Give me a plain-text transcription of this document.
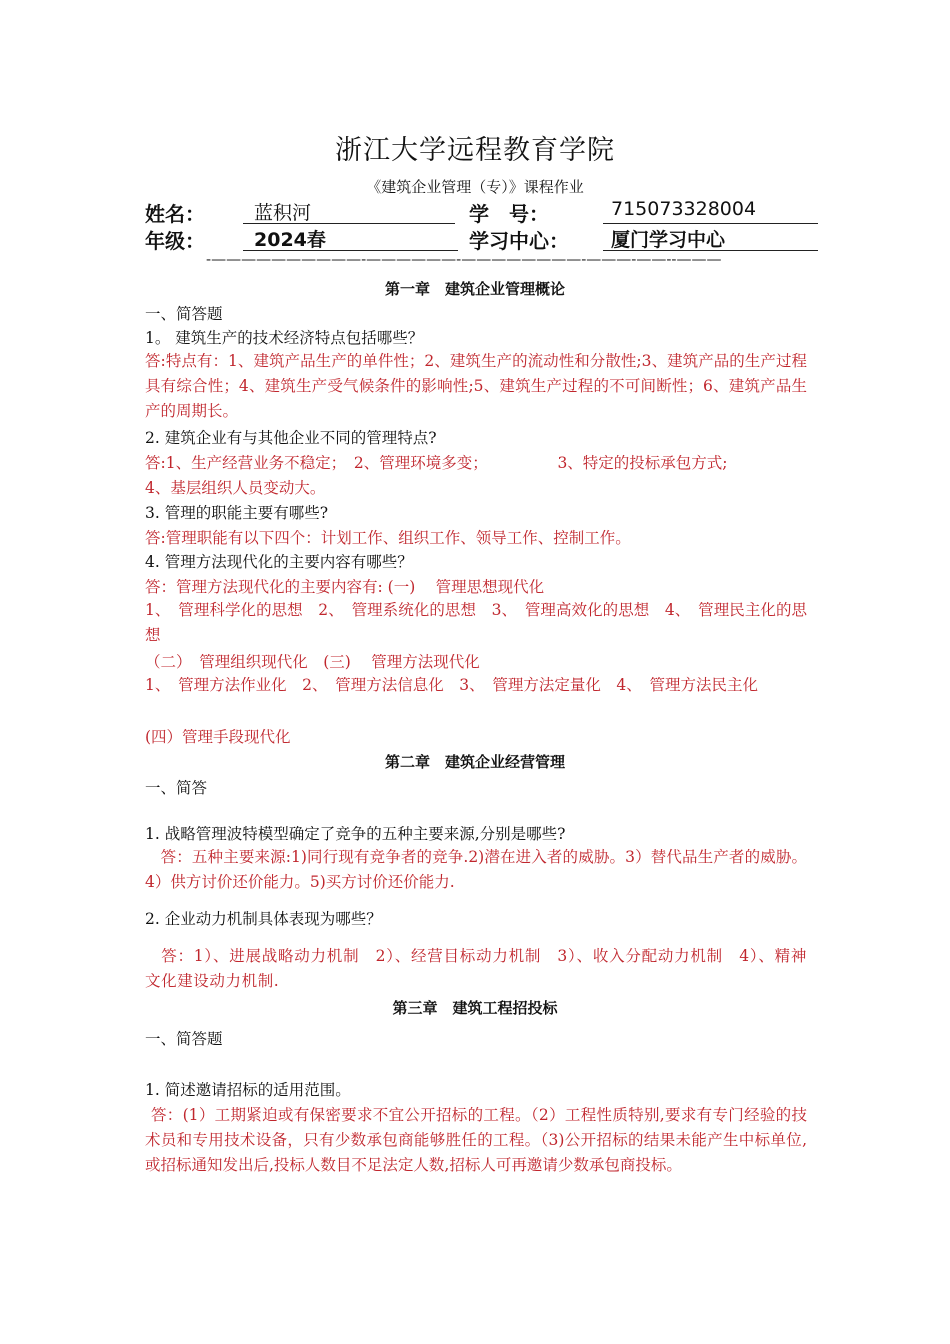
浙江大学远程教育学院
《建筑企业管理（专）》课程作业
姓名：	蓝积河	学　号：	715073328004
年级：	2024春	学习中心： 厦门学习中心
-——————————-——————-————————-———-——--———
第一章　建筑企业管理概论
一、简答题
1。 建筑生产的技术经济特点包括哪些？
答:特点有：1、建筑产品生产的单件性；2、建筑生产的流动性和分散性;3、建筑产品的生产过程具有综合性；4、建筑生产受气候条件的影响性;5、建筑生产过程的不可间断性；6、建筑产品生产的周期长。
2. 建筑企业有与其他企业不同的管理特点?
答:1、生产经营业务不稳定；　2、管理环境多变；　　　　　3、特定的投标承包方式;
4、基层组织人员变动大。
3. 管理的职能主要有哪些?
答:管理职能有以下四个：计划工作、组织工作、领导工作、控制工作。
4. 管理方法现代化的主要内容有哪些？
答：管理方法现代化的主要内容有: (一)　 管理思想现代化
1、　管理科学化的思想　2、　管理系统化的思想　3、　管理高效化的思想　4、　管理民主化的思想
（二）　管理组织现代化　(三)　 管理方法现代化
1、　管理方法作业化　2、　管理方法信息化　3、　管理方法定量化　4、　管理方法民主化
(四）管理手段现代化
第二章　建筑企业经营管理
一、简答
1. 战略管理波特模型确定了竞争的五种主要来源,分别是哪些?
　答：五种主要来源:1)同行现有竞争者的竞争.2)潜在进入者的威胁。3）替代品生产者的威胁。4）供方讨价还价能力。5)买方讨价还价能力.
2. 企业动力机制具体表现为哪些？
　答：1）、进展战略动力机制　2）、经营目标动力机制　3）、收入分配动力机制　4）、精神文化建设动力机制.
第三章　建筑工程招投标
一、简答题
1. 简述邀请招标的适用范围。
答：(1）工期紧迫或有保密要求不宜公开招标的工程。（2）工程性质特别,要求有专门经验的技术员和专用技术设备，只有少数承包商能够胜任的工程。（3)公开招标的结果未能产生中标单位,或招标通知发出后,投标人数目不足法定人数,招标人可再邀请少数承包商投标。
